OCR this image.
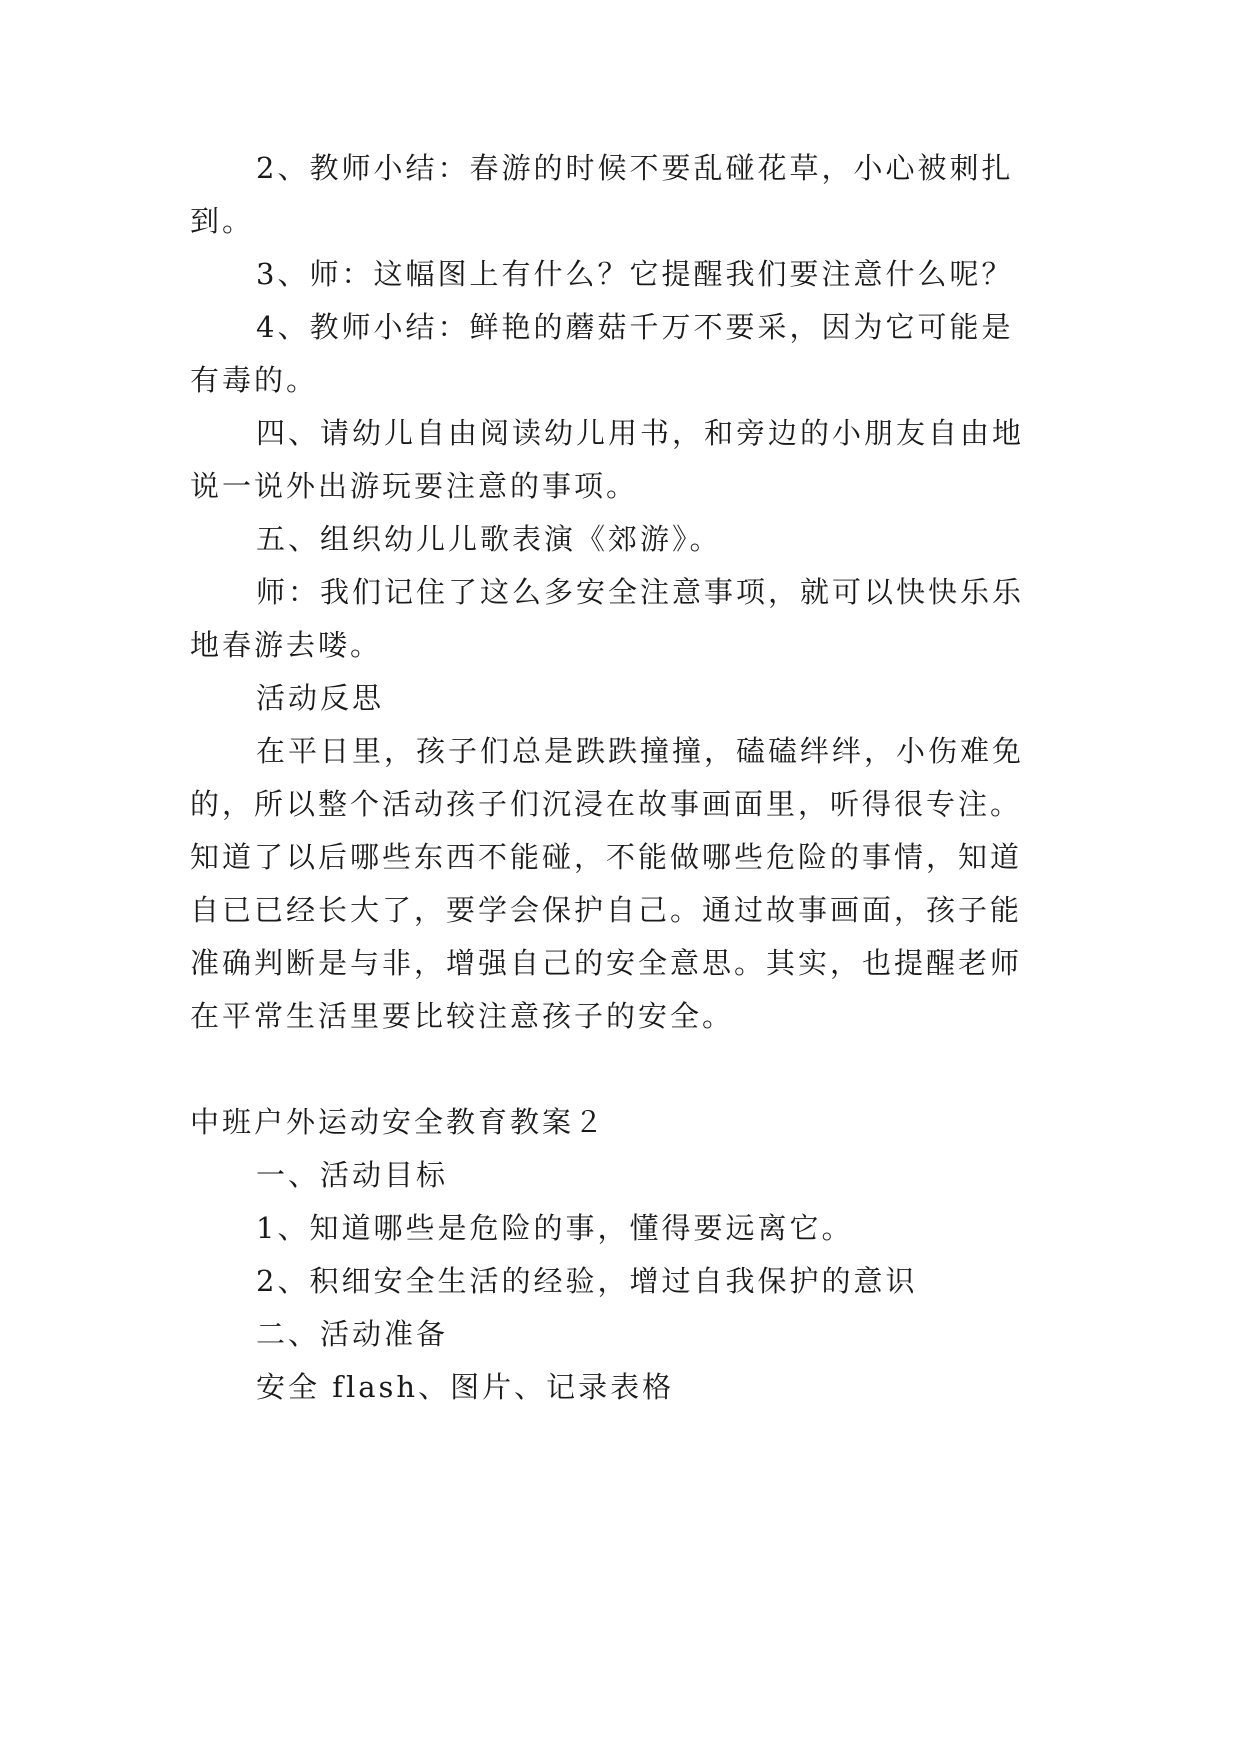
2、教师小结：春游的时候不要乱碰花草，小心被刺扎
到。
3、师：这幅图上有什么？它提醒我们要注意什么呢？
4、教师小结：鲜艳的蘑菇千万不要采，因为它可能是
有毒的。
四、请幼儿自由阅读幼儿用书，和旁边的小朋友自由地
说一说外出游玩要注意的事项。
五、组织幼儿儿歌表演《郊游》。
师：我们记住了这么多安全注意事项，就可以快快乐乐
地春游去喽。
活动反思
在平日里，孩子们总是跌跌撞撞，磕磕绊绊，小伤难免
的，所以整个活动孩子们沉浸在故事画面里，听得很专注。
知道了以后哪些东西不能碰，不能做哪些危险的事情，知道
自已已经长大了，要学会保护自己。通过故事画面，孩子能
准确判断是与非，增强自己的安全意思。其实，也提醒老师
在平常生活里要比较注意孩子的安全。
中班户外运动安全教育教案２
一、活动目标
1、知道哪些是危险的事，懂得要远离它。
2、积细安全生活的经验，增过自我保护的意识
二、活动准备
安全 flash、图片、记录表格
